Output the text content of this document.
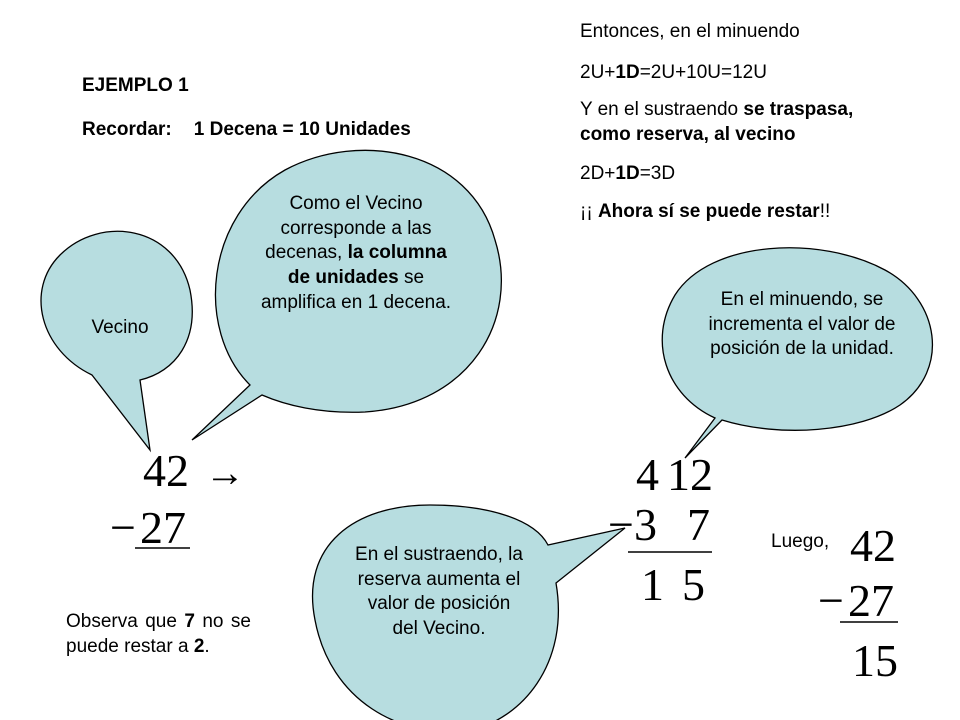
EJEMPLO 1
Recordar: 1 Decena = 10 Unidades
Entonces, en el minuendo
2U+1D=2U+10U=12U
Y en el sustraendo se traspasa,
como reserva, al vecino
2D+1D=3D
¡¡ Ahora sí se puede restar!!
Vecino
Como el Vecino corresponde a las decenas, la columna de unidades se amplifica en 1 decena.	En el minuendo, se incrementa el valor de posición de la unidad.
En el sustraendo, la reserva aumenta el valor de posición del Vecino.
42 →
−27
4 12
−3 7
1 5
Luego, 42
−27
15
Observa que 7 no se puede restar a 2.
